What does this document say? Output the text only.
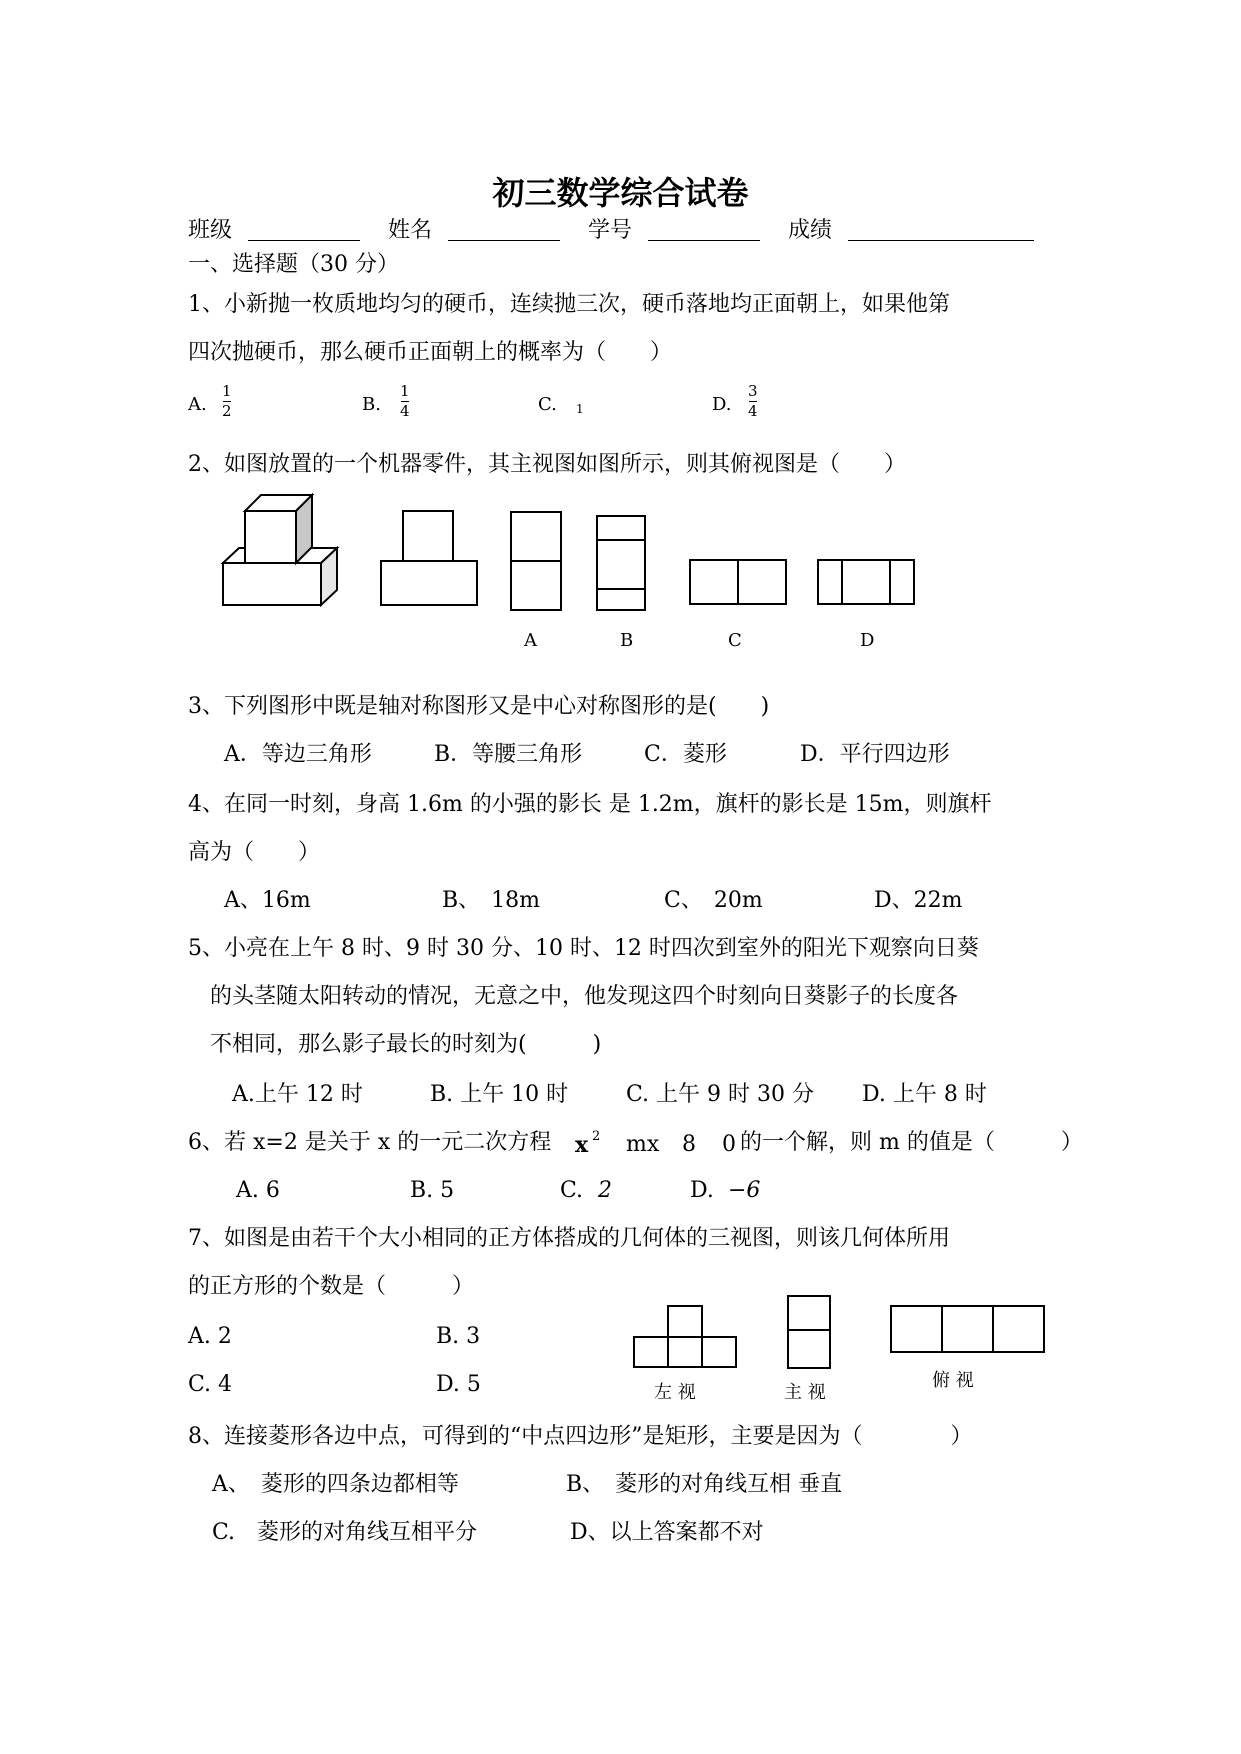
初三数学综合试卷
班级	姓名	学号	成绩
一、选择题（30 分）
1、小新抛一枚质地均匀的硬币，连续抛三次，硬币落地均正面朝上，如果他第
四次抛硬币，那么硬币正面朝上的概率为（　　）
A.
1
2	B.
1
4	C. 1	D.
3
4
2、如图放置的一个机器零件，其主视图如图所示，则其俯视图是（　　）
A	B	C	D
3、下列图形中既是轴对称图形又是中心对称图形的是(　　)
A．等边三角形	B．等腰三角形	C．菱形	D．平行四边形
4、在同一时刻，身高 1.6m 的小强的影长 是 1.2m，旗杆的影长是 15m，则旗杆
高为（　　）
A、16m	B、　18m	C、　20m	D、22m
5、小亮在上午 8 时、9 时 30 分、10 时、12 时四次到室外的阳光下观察向日葵
的头茎随太阳转动的情况，无意之中，他发现这四个时刻向日葵影子的长度各
不相同，那么影子最长的时刻为(　　　)
A.上午 12 时	B. 上午 10 时	C. 上午 9 时 30 分 D. 上午 8 时
6、若 x=2 是关于 x 的一元二次方程 x 2 mx 8 0 的一个解，则 m 的值是（　　　）
A. 6	B. 5	C. 2	D. −6
7、如图是由若干个大小相同的正方体搭成的几何体的三视图，则该几何体所用
的正方形的个数是（　　　）
A. 2	B. 3
C. 4	D. 5	左 视	主 视
俯 视
8、连接菱形各边中点，可得到的“中点四边形”是矩形，主要是因为（　　　　）
A、　菱形的四条边都相等	B、　菱形的对角线互相 垂直
C.　菱形的对角线互相平分	D、以上答案都不对
